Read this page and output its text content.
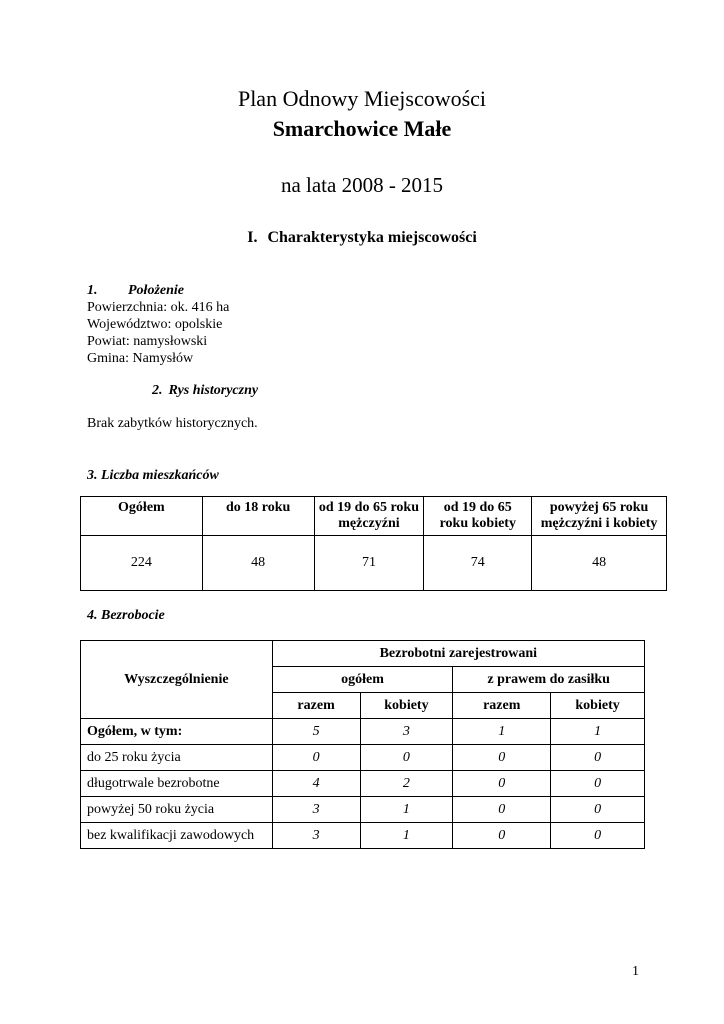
Plan Odnowy Miejscowości
Smarchowice Małe
na lata 2008 - 2015
I. Charakterystyka miejscowości
1. Położenie
Powierzchnia: ok. 416 ha
Województwo: opolskie
Powiat: namysłowski
Gmina: Namysłów
2. Rys historyczny
Brak zabytków historycznych.
3. Liczba mieszkańców
Ogółem	do 18 roku	od 19 do 65 roku mężczyźni	od 19 do 65 roku kobiety	powyżej 65 roku mężczyźni i kobiety
224	48	71	74	48
4. Bezrobocie
Wyszczególnienie	Bezrobotni zarejestrowani			
	ogółem		z prawem do zasiłku	
	razem	kobiety	razem	kobiety
Ogółem, w tym:	5	3	1	1
do 25 roku życia	0	0	0	0
długotrwale bezrobotne	4	2	0	0
powyżej 50 roku życia	3	1	0	0
bez kwalifikacji zawodowych	3	1	0	0
1
